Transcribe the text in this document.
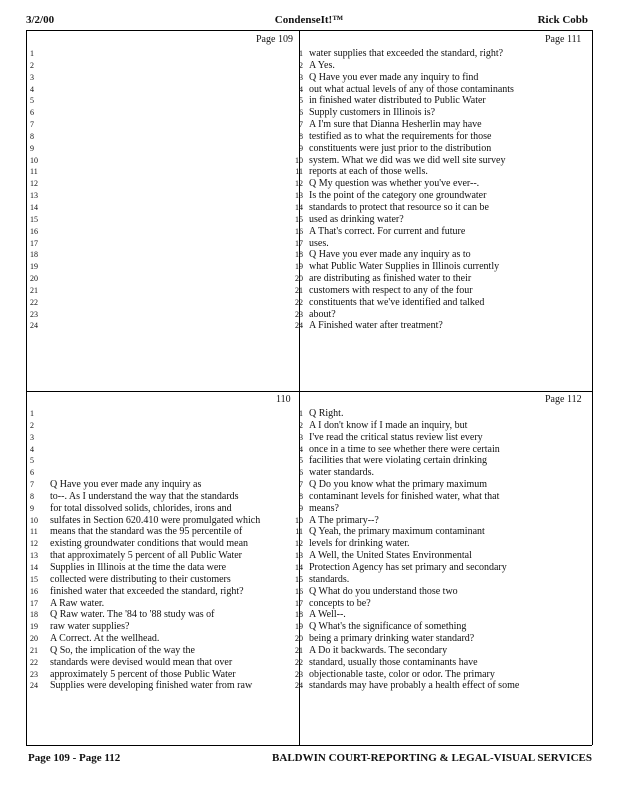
3/2/00	CondenseIt!™	Rick Cobb
Page 109	Page 111
110	Page 112
1
2
3
4
5
6
7
8
9
10
11
12
13
14
15
16
17
18
19
20
21
22
23
24
1 water supplies that exceeded the standard, right?
2 A Yes.
3 Q Have you ever made any inquiry to find
4 out what actual levels of any of those contaminants
5 in finished water distributed to Public Water
6 Supply customers in Illinois is?
7 A I'm sure that Dianna Hesherlin may have
8 testified as to what the requirements for those
9 constituents were just prior to the distribution
10 system. What we did was we did well site survey
11 reports at each of those wells.
12 Q My question was whether you've ever--.
13 Is the point of the category one groundwater
14 standards to protect that resource so it can be
15 used as drinking water?
16 A That's correct. For current and future
17 uses.
18 Q Have you ever made any inquiry as to
19 what Public Water Supplies in Illinois currently
20 are distributing as finished water to their
21 customers with respect to any of the four
22 constituents that we've identified and talked
23 about?
24 A Finished water after treatment?
1
2
3
4
5
6
7	Q Have you ever made any inquiry as
8	to--. As I understand the way that the standards
9	for total dissolved solids, chlorides, irons and
10	sulfates in Section 620.410 were promulgated which
11	means that the standard was the 95 percentile of
12	existing groundwater conditions that would mean
13	that approximately 5 percent of all Public Water
14	Supplies in Illinois at the time the data were
15	collected were distributing to their customers
16	finished water that exceeded the standard, right?
17	A Raw water.
18	Q Raw water. The '84 to '88 study was of
19	raw water supplies?
20	A Correct. At the wellhead.
21	Q So, the implication of the way the
22	standards were devised would mean that over
23	approximately 5 percent of those Public Water
24	Supplies were developing finished water from raw
1 Q Right.
2 A I don't know if I made an inquiry, but
3 I've read the critical status review list every
4 once in a time to see whether there were certain
5 facilities that were violating certain drinking
6 water standards.
7 Q Do you know what the primary maximum
8 contaminant levels for finished water, what that
9 means?
10 A The primary--?
11 Q Yeah, the primary maximum contaminant
12 levels for drinking water.
13 A Well, the United States Environmental
14 Protection Agency has set primary and secondary
15 standards.
16 Q What do you understand those two
17 concepts to be?
18 A Well--.
19 Q What's the significance of something
20 being a primary drinking water standard?
21 A Do it backwards. The secondary
22 standard, usually those contaminants have
23 objectionable taste, color or odor. The primary
24 standards may have probably a health effect of some
Page 109 - Page 112	BALDWIN COURT-REPORTING & LEGAL-VISUAL SERVICES
